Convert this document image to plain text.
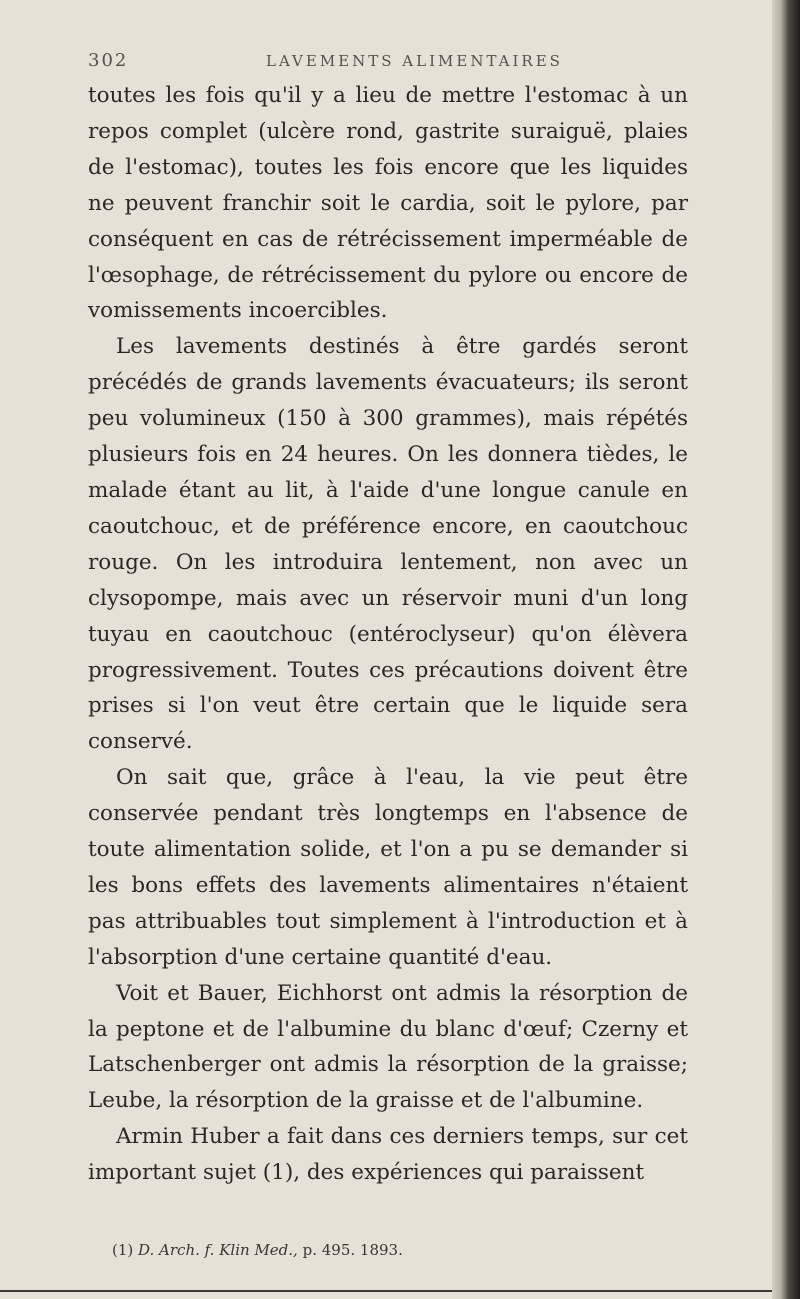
302	LAVEMENTS ALIMENTAIRES

toutes les fois qu'il y a lieu de mettre l'estomac à un repos complet (ulcère rond, gastrite suraiguë, plaies de l'estomac), toutes les fois encore que les liquides ne peuvent franchir soit le cardia, soit le pylore, par conséquent en cas de rétrécissement imperméable de l'œsophage, de rétrécissement du pylore ou encore de vomissements incoercibles.

Les lavements destinés à être gardés seront précédés de grands lavements évacuateurs; ils seront peu volumineux (150 à 300 grammes), mais répétés plusieurs fois en 24 heures. On les donnera tièdes, le malade étant au lit, à l'aide d'une longue canule en caoutchouc, et de préférence encore, en caoutchouc rouge. On les introduira lentement, non avec un clysopompe, mais avec un réservoir muni d'un long tuyau en caoutchouc (entéroclyseur) qu'on élèvera progressivement. Toutes ces précautions doivent être prises si l'on veut être certain que le liquide sera conservé.

On sait que, grâce à l'eau, la vie peut être conservée pendant très longtemps en l'absence de toute alimentation solide, et l'on a pu se demander si les bons effets des lavements alimentaires n'étaient pas attribuables tout simplement à l'introduction et à l'absorption d'une certaine quantité d'eau.

Voit et Bauer, Eichhorst ont admis la résorption de la peptone et de l'albumine du blanc d'œuf; Czerny et Latschenberger ont admis la résorption de la graisse; Leube, la résorption de la graisse et de l'albumine.

Armin Huber a fait dans ces derniers temps, sur cet important sujet (1), des expériences qui paraissent

(1) D. Arch. f. Klin Med., p. 495. 1893.
